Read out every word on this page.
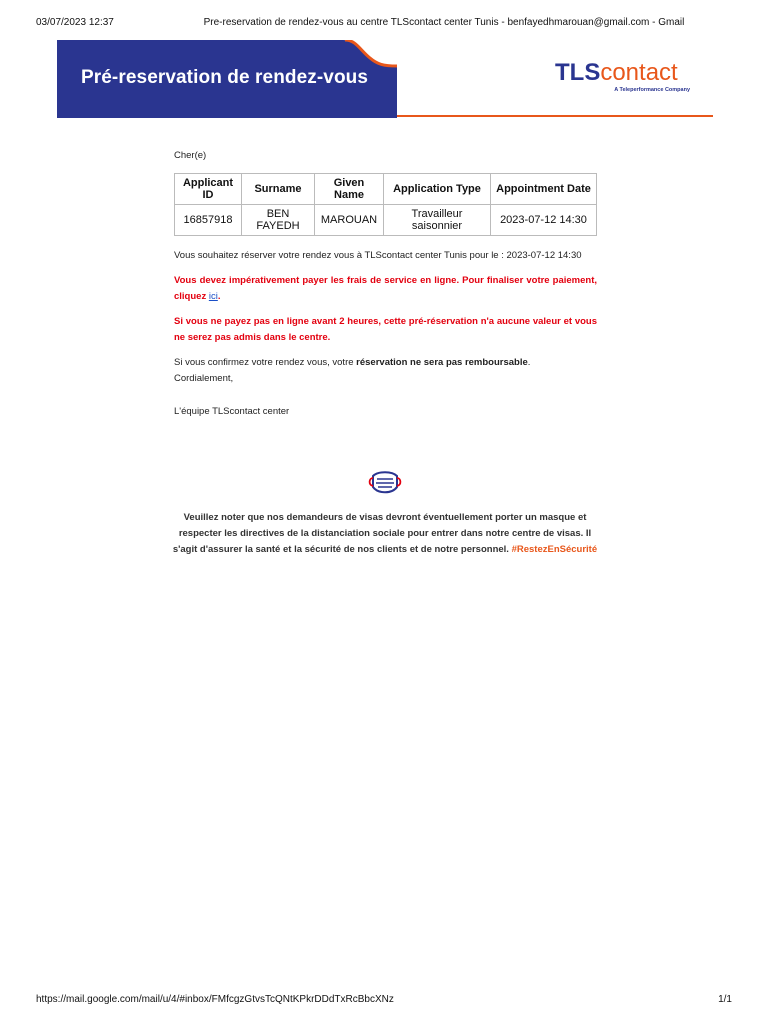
03/07/2023 12:37	Pre-reservation de rendez-vous au centre TLScontact center Tunis - benfayedhmarouan@gmail.com - Gmail
Pré-reservation de rendez-vous	TLScontact
A Teleperformance Company

Cher(e)

Applicant ID	Surname	Given Name	Application Type	Appointment Date
16857918	BEN FAYEDH	MAROUAN	Travailleur saisonnier	2023-07-12 14:30

Vous souhaitez réserver votre rendez vous à TLScontact center Tunis pour le : 2023-07-12 14:30

Vous devez impérativement payer les frais de service en ligne. Pour finaliser votre paiement, cliquez ici.

Si vous ne payez pas en ligne avant 2 heures, cette pré-réservation n'a aucune valeur et vous ne serez pas admis dans le centre.

Si vous confirmez votre rendez vous, votre réservation ne sera pas remboursable.

Cordialement,

L'équipe TLScontact center

Veuillez noter que nos demandeurs de visas devront éventuellement porter un masque et respecter les directives de la distanciation sociale pour entrer dans notre centre de visas. Il s'agit d'assurer la santé et la sécurité de nos clients et de notre personnel. #RestezEnSécurité
https://mail.google.com/mail/u/4/#inbox/FMfcgzGtvsTcQNtKPkrDDdTxRcBbcXNz	1/1
